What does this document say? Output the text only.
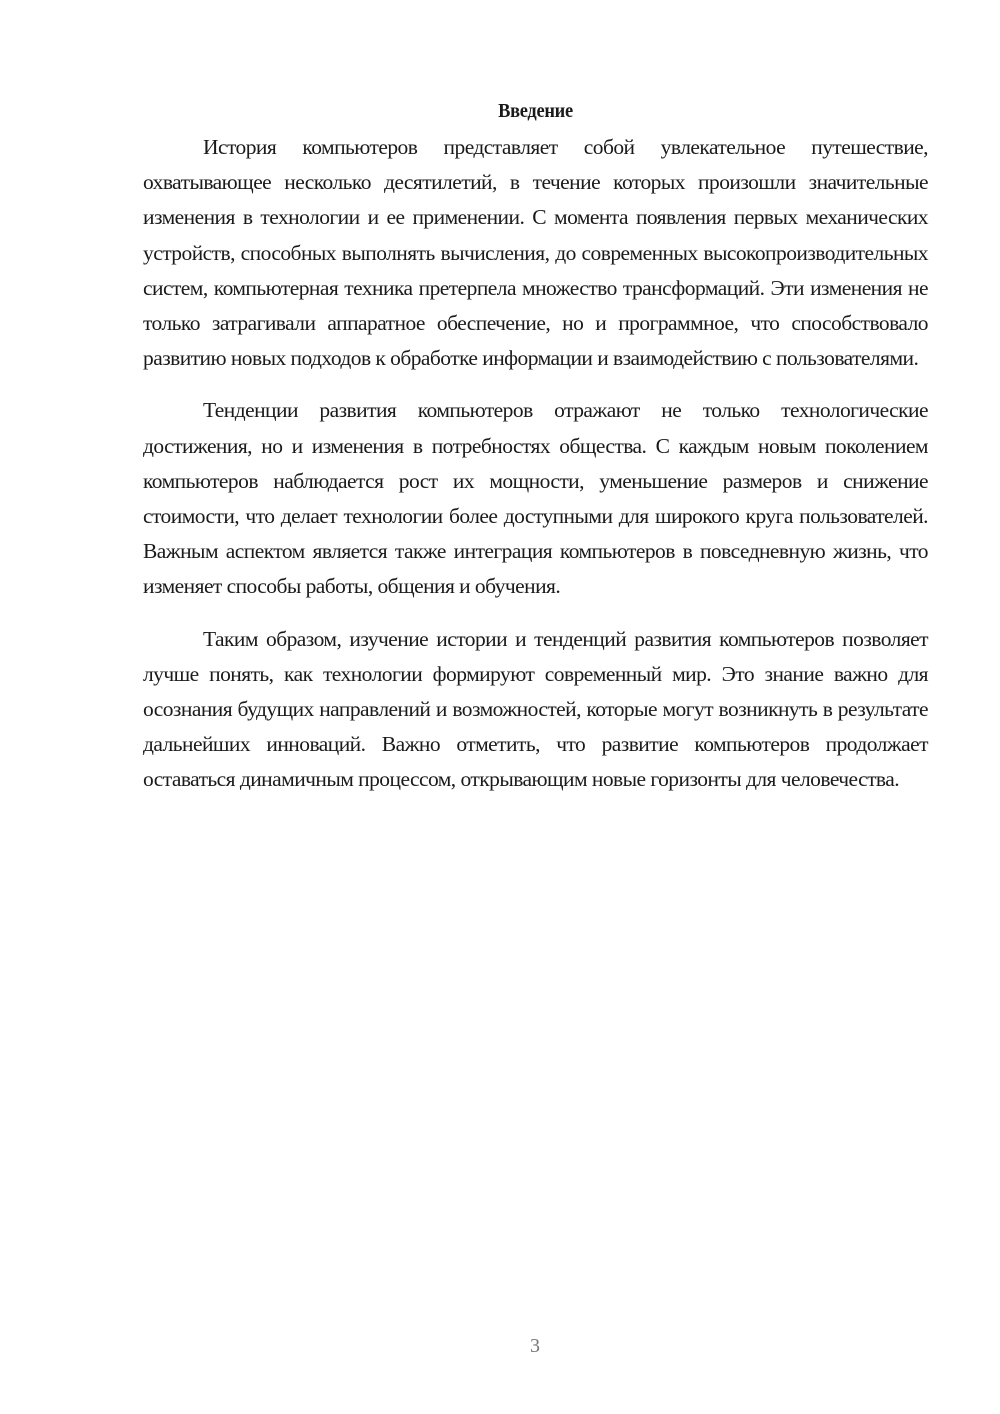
Введение

История компьютеров представляет собой увлекательное путешествие, охватывающее несколько десятилетий, в течение которых произошли значительные изменения в технологии и ее применении. С момента появления первых механических устройств, способных выполнять вычисления, до современных высокопроизводительных систем, компьютерная техника претерпела множество трансформаций. Эти изменения не только затрагивали аппаратное обеспечение, но и программное, что способствовало развитию новых подходов к обработке информации и взаимодействию с пользователями.

Тенденции развития компьютеров отражают не только технологические достижения, но и изменения в потребностях общества. С каждым новым поколением компьютеров наблюдается рост их мощности, уменьшение размеров и снижение стоимости, что делает технологии более доступными для широкого круга пользователей. Важным аспектом является также интеграция компьютеров в повседневную жизнь, что изменяет способы работы, общения и обучения.

Таким образом, изучение истории и тенденций развития компьютеров позволяет лучше понять, как технологии формируют современный мир. Это знание важно для осознания будущих направлений и возможностей, которые могут возникнуть в результате дальнейших инноваций. Важно отметить, что развитие компьютеров продолжает оставаться динамичным процессом, открывающим новые горизонты для человечества.

3
